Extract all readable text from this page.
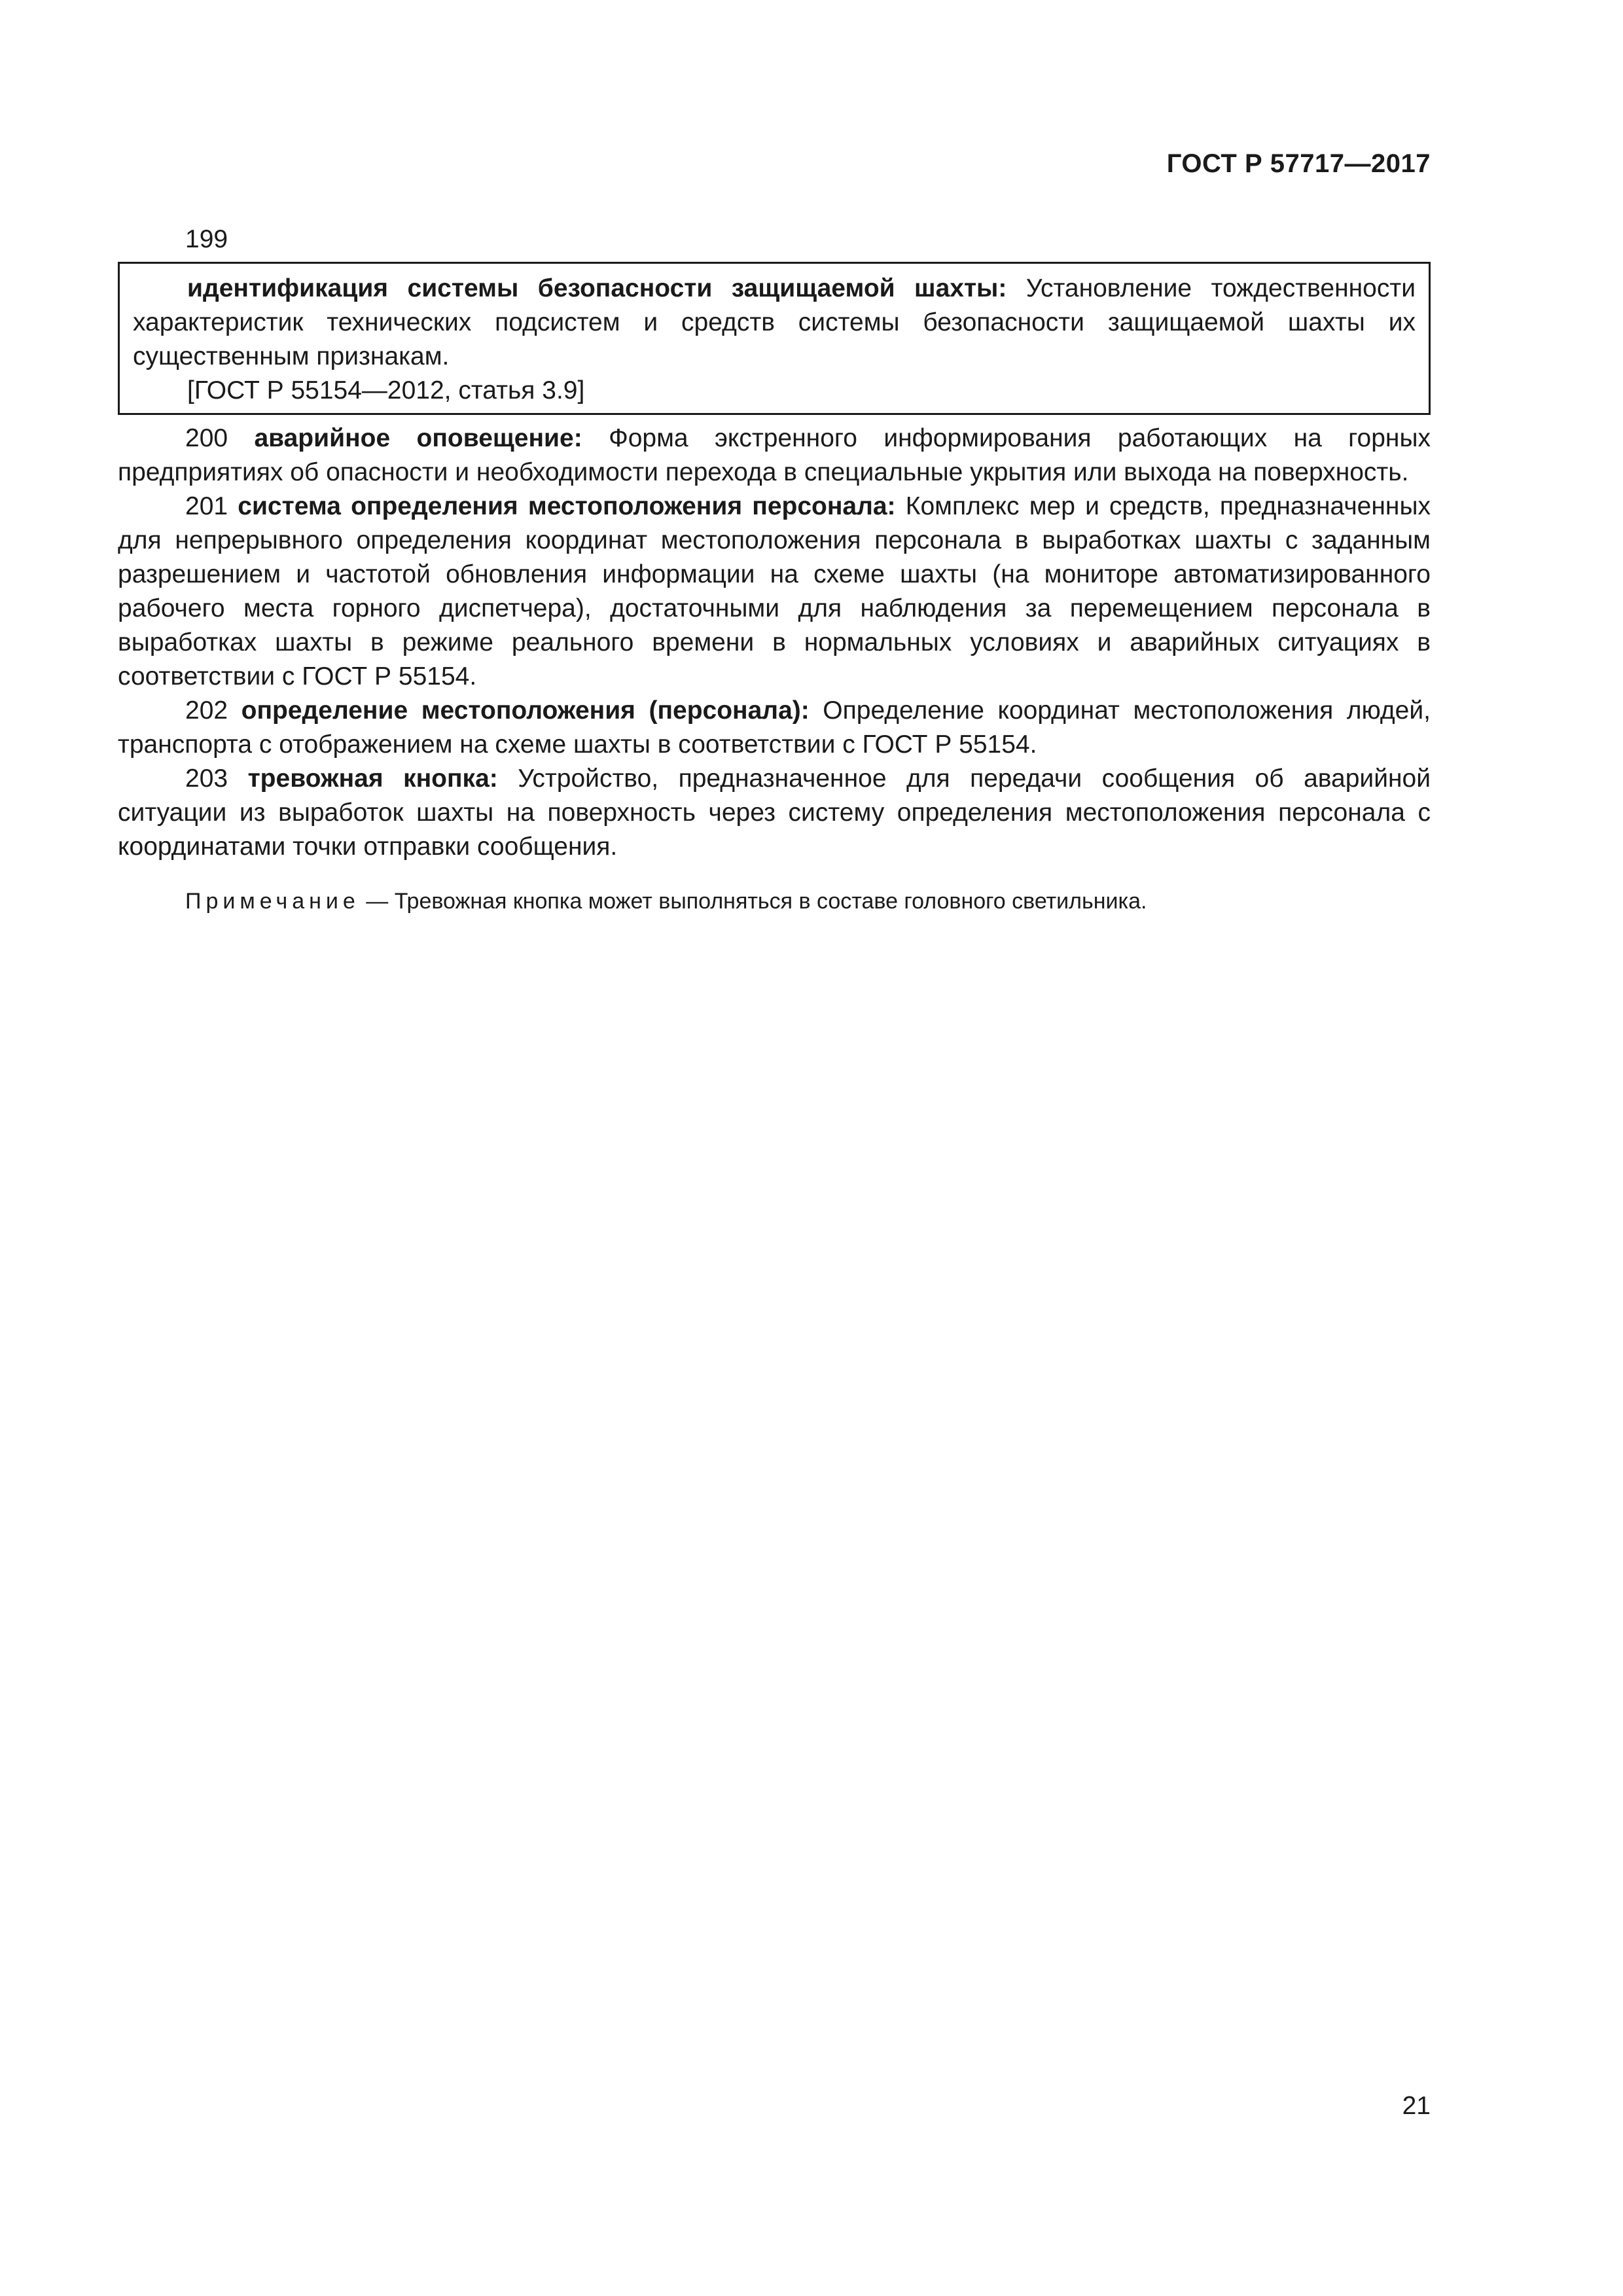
ГОСТ Р 57717—2017
199
идентификация системы безопасности защищаемой шахты: Установление тождественности характеристик технических подсистем и средств системы безопасности защищаемой шахты их существенным признакам.
[ГОСТ Р 55154—2012, статья 3.9]
200 аварийное оповещение: Форма экстренного информирования работающих на горных предприятиях об опасности и необходимости перехода в специальные укрытия или выхода на поверхность.
201 система определения местоположения персонала: Комплекс мер и средств, предназначенных для непрерывного определения координат местоположения персонала в выработках шахты с заданным разрешением и частотой обновления информации на схеме шахты (на мониторе автоматизированного рабочего места горного диспетчера), достаточными для наблюдения за перемещением персонала в выработках шахты в режиме реального времени в нормальных условиях и аварийных ситуациях в соответствии с ГОСТ Р 55154.
202 определение местоположения (персонала): Определение координат местоположения людей, транспорта с отображением на схеме шахты в соответствии с ГОСТ Р 55154.
203 тревожная кнопка: Устройство, предназначенное для передачи сообщения об аварийной ситуации из выработок шахты на поверхность через систему определения местоположения персонала с координатами точки отправки сообщения.
Примечание — Тревожная кнопка может выполняться в составе головного светильника.
21
